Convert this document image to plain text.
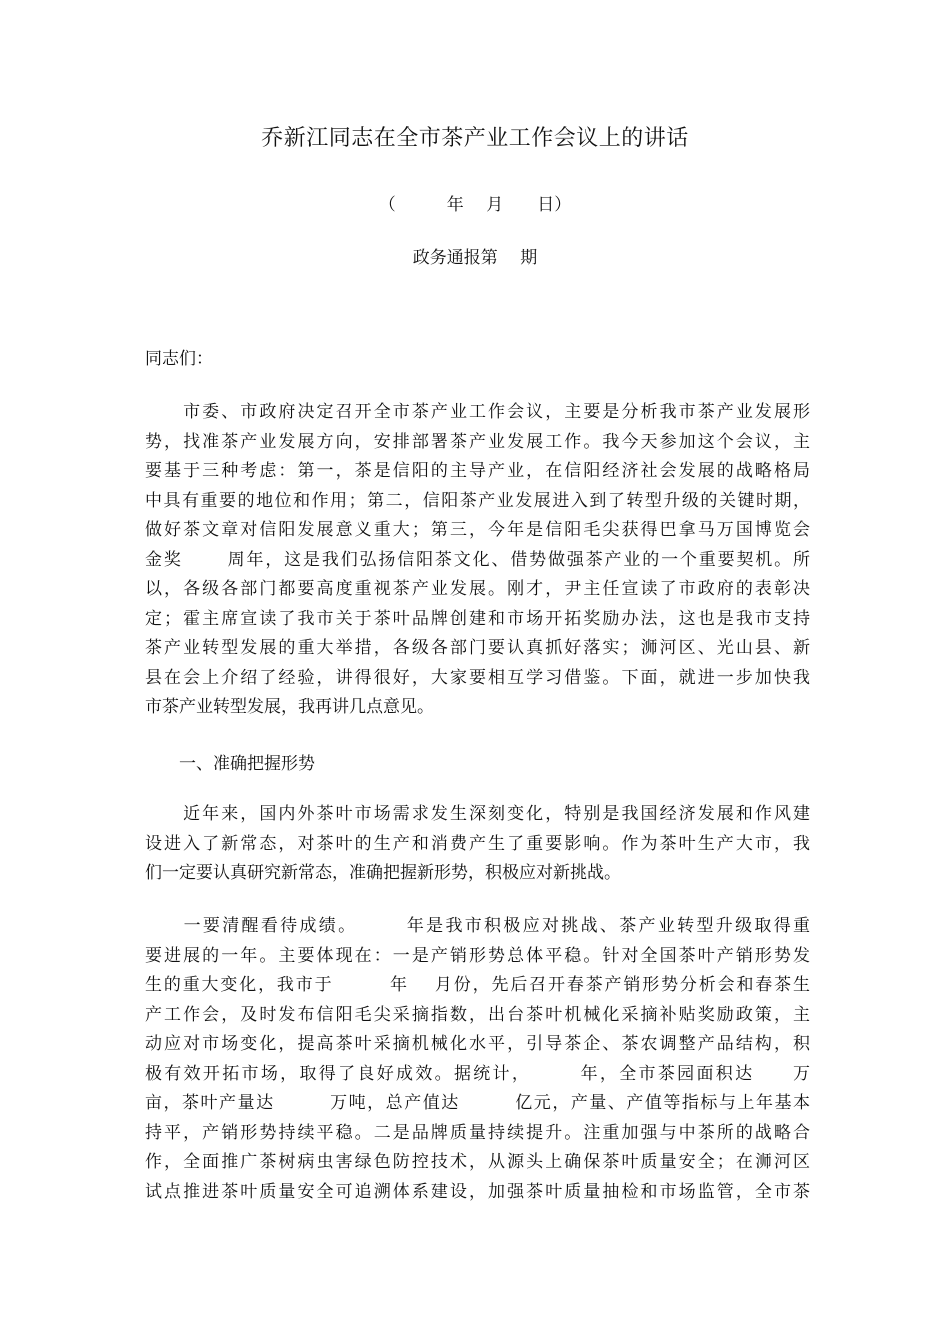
乔新江同志在全市茶产业工作会议上的讲话
（　　　年　 月　　日）
政务通报第　 期
同志们：
　　市委、市政府决定召开全市茶产业工作会议，主要是分析我市茶产业发展形
势，找准茶产业发展方向，安排部署茶产业发展工作。我今天参加这个会议，主
要基于三种考虑：第一，茶是信阳的主导产业，在信阳经济社会发展的战略格局
中具有重要的地位和作用；第二，信阳茶产业发展进入到了转型升级的关键时期，
做好茶文章对信阳发展意义重大；第三，今年是信阳毛尖获得巴拿马万国博览会
金奖　　 周年，这是我们弘扬信阳茶文化、借势做强茶产业的一个重要契机。所
以，各级各部门都要高度重视茶产业发展。刚才，尹主任宣读了市政府的表彰决
定；霍主席宣读了我市关于茶叶品牌创建和市场开拓奖励办法，这也是我市支持
茶产业转型发展的重大举措，各级各部门要认真抓好落实；浉河区、光山县、新
县在会上介绍了经验，讲得很好，大家要相互学习借鉴。下面，就进一步加快我
市茶产业转型发展，我再讲几点意见。
　　一、准确把握形势
　　近年来，国内外茶叶市场需求发生深刻变化，特别是我国经济发展和作风建
设进入了新常态，对茶叶的生产和消费产生了重要影响。作为茶叶生产大市，我
们一定要认真研究新常态，准确把握新形势，积极应对新挑战。
　　一要清醒看待成绩。　　　年是我市积极应对挑战、茶产业转型升级取得重
要进展的一年。主要体现在：一是产销形势总体平稳。针对全国茶叶产销形势发
生的重大变化，我市于　　　年　 月份，先后召开春茶产销形势分析会和春茶生
产工作会，及时发布信阳毛尖采摘指数，出台茶叶机械化采摘补贴奖励政策，主
动应对市场变化，提高茶叶采摘机械化水平，引导茶企、茶农调整产品结构，积
极有效开拓市场，取得了良好成效。据统计，　　　年，全市茶园面积达　　万
亩，茶叶产量达　　　万吨，总产值达　　　亿元，产量、产值等指标与上年基本
持平，产销形势持续平稳。二是品牌质量持续提升。注重加强与中茶所的战略合
作，全面推广茶树病虫害绿色防控技术，从源头上确保茶叶质量安全；在浉河区
试点推进茶叶质量安全可追溯体系建设，加强茶叶质量抽检和市场监管，全市茶
